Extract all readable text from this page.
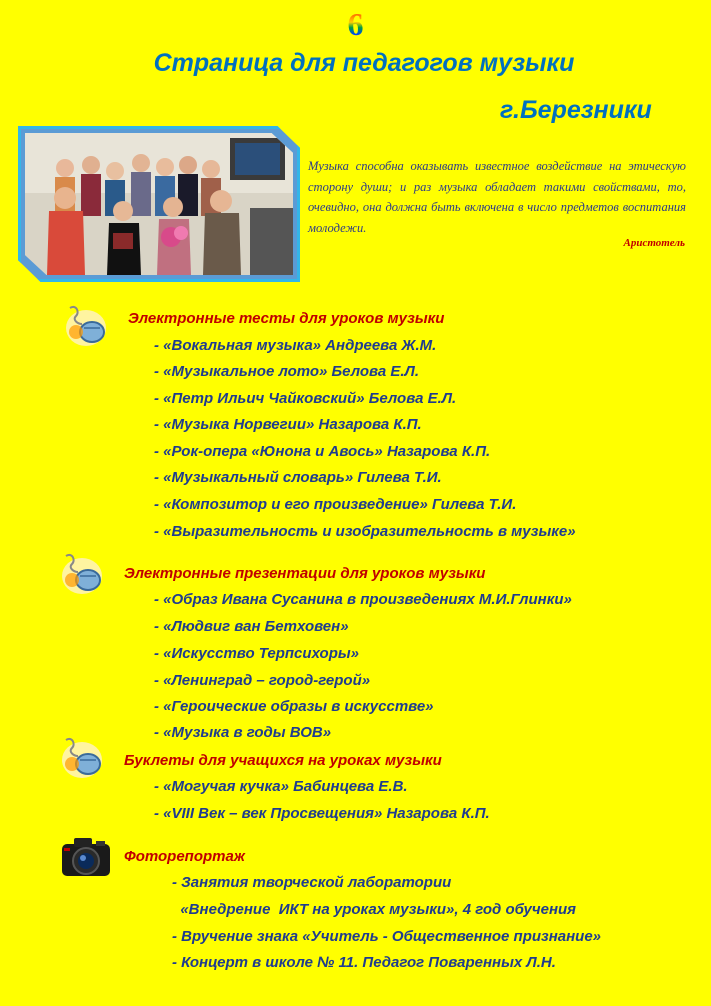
6
Страница для педагогов музыки
г.Березники
Музыка способна оказывать известное воздействие на этическую сторону души; и раз музыка обладает такими свойствами, то, очевидно, она должна быть включена в число предметов воспитания молодежи.
Аристотель
Электронные тесты для уроков музыки
- «Вокальная музыка» Андреева Ж.М.
- «Музыкальное лото» Белова Е.Л.
- «Петр Ильич Чайковский» Белова Е.Л.
- «Музыка Норвегии» Назарова К.П.
- «Рок-опера «Юнона и Авось» Назарова К.П.
- «Музыкальный словарь» Гилева Т.И.
- «Композитор и его произведение» Гилева Т.И.
- «Выразительность и изобразительность в музыке»
Электронные презентации для уроков музыки
- «Образ Ивана Сусанина в произведениях М.И.Глинки»
- «Людвиг ван Бетховен»
- «Искусство Терпсихоры»
- «Ленинград – город-герой»
- «Героические образы в искусстве»
- «Музыка в годы ВОВ»
Буклеты для учащихся на уроках музыки
- «Могучая кучка» Бабинцева Е.В.
- «VIII Век – век Просвещения» Назарова К.П.
Фоторепортаж
- Занятия творческой лаборатории
«Внедрение  ИКТ на уроках музыки», 4 год обучения
- Вручение знака «Учитель - Общественное признание»
- Концерт в школе № 11. Педагог Поваренных Л.Н.
